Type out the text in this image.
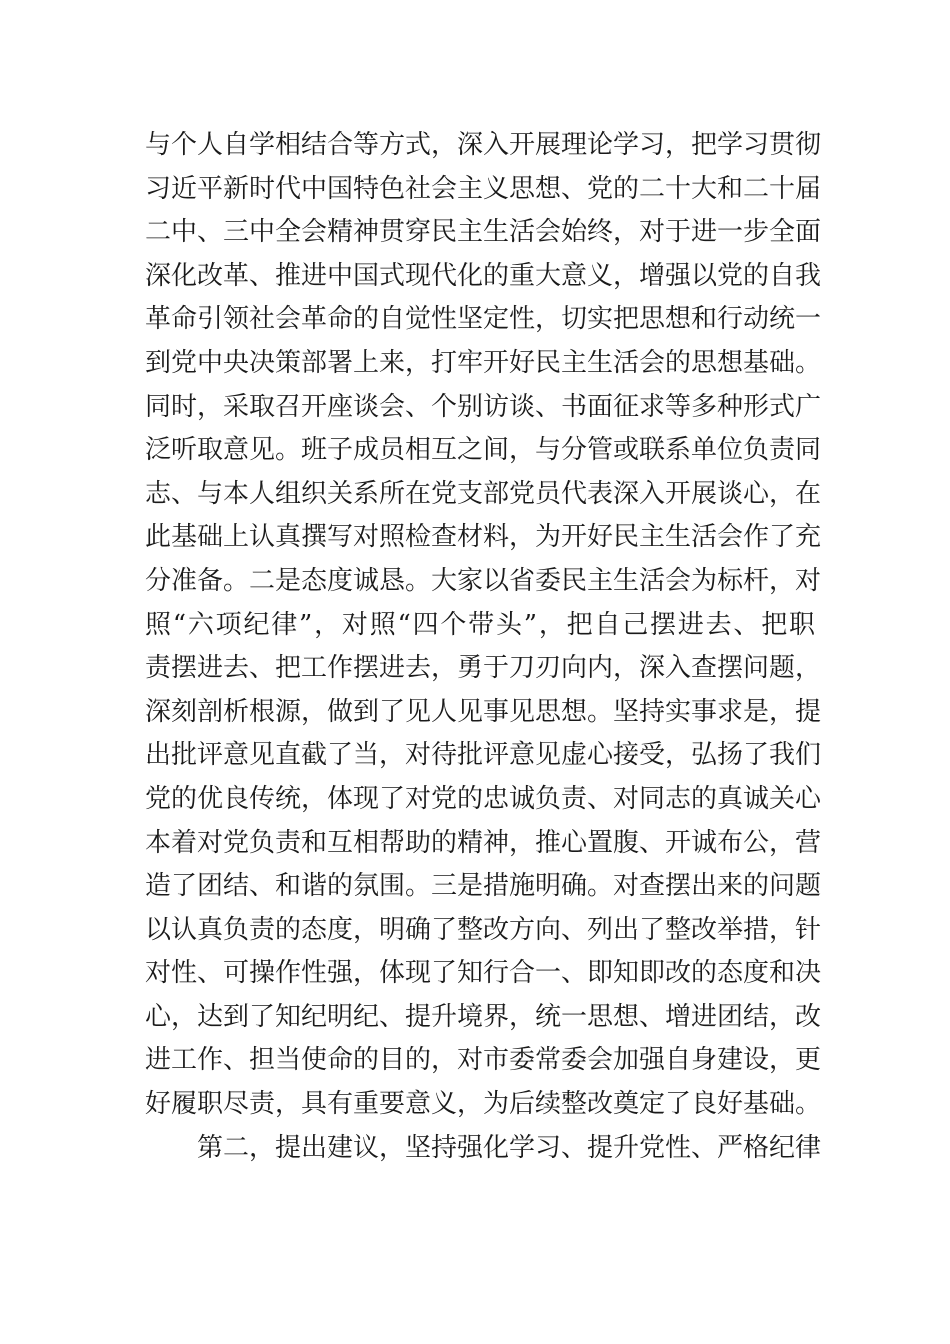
与个人自学相结合等方式，深入开展理论学习，把学习贯彻
习近平新时代中国特色社会主义思想、党的二十大和二十届
二中、三中全会精神贯穿民主生活会始终，对于进一步全面
深化改革、推进中国式现代化的重大意义，增强以党的自我
革命引领社会革命的自觉性坚定性，切实把思想和行动统一
到党中央决策部署上来，打牢开好民主生活会的思想基础。
同时，采取召开座谈会、个别访谈、书面征求等多种形式广
泛听取意见。班子成员相互之间，与分管或联系单位负责同
志、与本人组织关系所在党支部党员代表深入开展谈心，在
此基础上认真撰写对照检查材料，为开好民主生活会作了充
分准备。二是态度诚恳。大家以省委民主生活会为标杆，对
照“六项纪律”，对照“四个带头”，把自己摆进去、把职
责摆进去、把工作摆进去，勇于刀刃向内，深入查摆问题，
深刻剖析根源，做到了见人见事见思想。坚持实事求是，提
出批评意见直截了当，对待批评意见虚心接受，弘扬了我们
党的优良传统，体现了对党的忠诚负责、对同志的真诚关心
本着对党负责和互相帮助的精神，推心置腹、开诚布公，营
造了团结、和谐的氛围。三是措施明确。对查摆出来的问题
以认真负责的态度，明确了整改方向、列出了整改举措，针
对性、可操作性强，体现了知行合一、即知即改的态度和决
心，达到了知纪明纪、提升境界，统一思想、增进团结，改
进工作、担当使命的目的，对市委常委会加强自身建设，更
好履职尽责，具有重要意义，为后续整改奠定了良好基础。
第二，提出建议，坚持强化学习、提升党性、严格纪律
